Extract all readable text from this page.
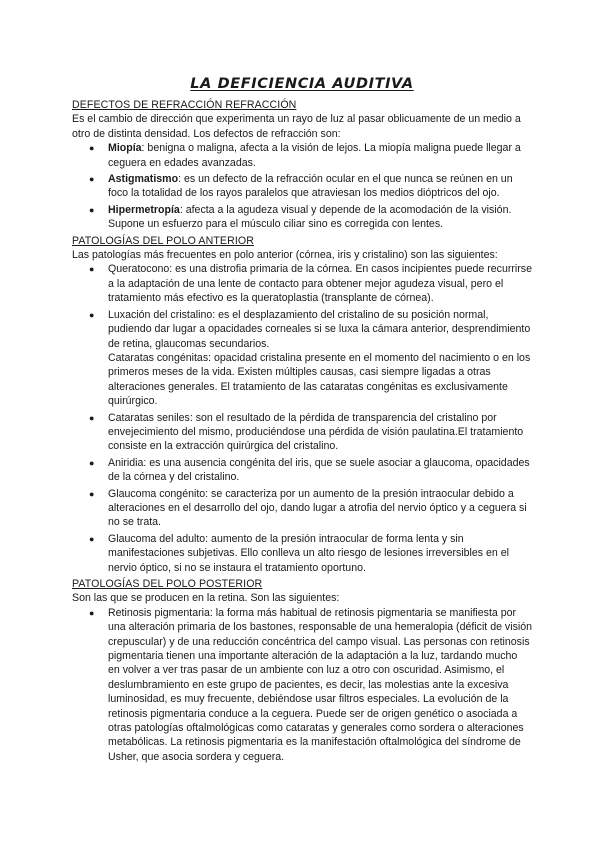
LA DEFICIENCIA AUDITIVA

DEFECTOS DE REFRACCIÓN REFRACCIÓN

Es el cambio de dirección que experimenta un rayo de luz al pasar oblicuamente de un medio a otro de distinta densidad. Los defectos de refracción son:

● Miopía: benigna o maligna, afecta a la visión de lejos. La miopía maligna puede llegar a ceguera en edades avanzadas.
● Astigmatismo: es un defecto de la refracción ocular en el que nunca se reúnen en un foco la totalidad de los rayos paralelos que atraviesan los medios dióptricos del ojo.
● Hipermetropía: afecta a la agudeza visual y depende de la acomodación de la visión. Supone un esfuerzo para el músculo ciliar sino es corregida con lentes.

PATOLOGÍAS DEL POLO ANTERIOR

Las patologías más frecuentes en polo anterior (córnea, iris y cristalino) son las siguientes:

● Queratocono: es una distrofia primaria de la córnea. En casos incipientes puede recurrirse a la adaptación de una lente de contacto para obtener mejor agudeza visual, pero el tratamiento más efectivo es la queratoplastia (transplante de córnea).
● Luxación del cristalino: es el desplazamiento del cristalino de su posición normal, pudiendo dar lugar a opacidades corneales si se luxa la cámara anterior, desprendimiento de retina, glaucomas secundarios.
Cataratas congénitas: opacidad cristalina presente en el momento del nacimiento o en los primeros meses de la vida. Existen múltiples causas, casi siempre ligadas a otras alteraciones generales. El tratamiento de las cataratas congénitas es exclusivamente quirúrgico.
● Cataratas seniles: son el resultado de la pérdida de transparencia del cristalino por envejecimiento del mismo, produciéndose una pérdida de visión paulatina.El tratamiento consiste en la extracción quirúrgica del cristalino.
● Aniridia: es una ausencia congénita del iris, que se suele asociar a glaucoma, opacidades de la córnea y del cristalino.
● Glaucoma congénito: se caracteriza por un aumento de la presión intraocular debido a alteraciones en el desarrollo del ojo, dando lugar a atrofia del nervio óptico y a ceguera si no se trata.
● Glaucoma del adulto: aumento de la presión intraocular de forma lenta y sin manifestaciones subjetivas. Ello conlleva un alto riesgo de lesiones irreversibles en el nervio óptico, si no se instaura el tratamiento oportuno.

PATOLOGÍAS DEL POLO POSTERIOR

Son las que se producen en la retina. Son las siguientes:

● Retinosis pigmentaria: la forma más habitual de retinosis pigmentaria se manifiesta por una alteración primaria de los bastones, responsable de una hemeralopia (déficit de visión crepuscular) y de una reducción concéntrica del campo visual. Las personas con retinosis pigmentaria tienen una importante alteración de la adaptación a la luz, tardando mucho en volver a ver tras pasar de un ambiente con luz a otro con oscuridad. Asimismo, el deslumbramiento en este grupo de pacientes, es decir, las molestias ante la excesiva luminosidad, es muy frecuente, debiéndose usar filtros especiales. La evolución de la retinosis pigmentaria conduce a la ceguera. Puede ser de origen genético o asociada a otras patologías oftalmológicas como cataratas y generales como sordera o alteraciones metabólicas. La retinosis pigmentaria es la manifestación oftalmológica del síndrome de Usher, que asocia sordera y ceguera.
